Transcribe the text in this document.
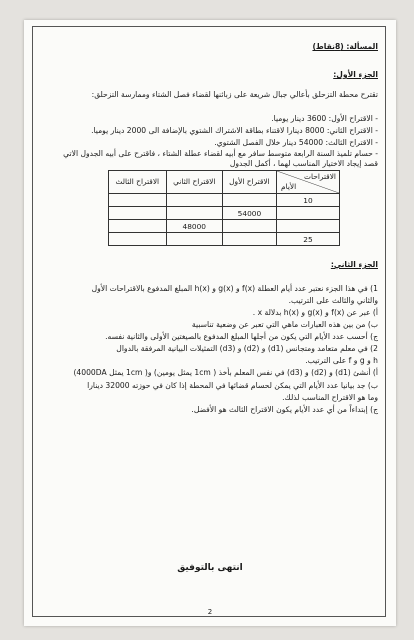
المسألة: (8نقاط)
الجزء الأول:
تقترح محطة التزحلق بأعالي جبال شريعة على زبائنها لقضاء فصل الشتاء وممارسة التزحلق:
- الاقتراح الأول: 3600 دينار يوميا.
- الاقتراح الثاني: 8000 دينارا لاقتناء بطاقة الاشتراك الشتوي بالإضافة الى 2000 دينار يوميا.
- الاقتراح الثالث: 54000 دينار خلال الفصل الشتوي.
- حسام تلميذ السنة الرابعة متوسط سافر مع أبيه لقضاء عطلة الشتاء ، فاقترح على أبيه الجدول الاتي
قصد إيجاد الاختيار المناسب لهما ، أكمل الجدول
الاقتراحات
الأيام	الاقتراح الأول	الاقتراح الثاني	الاقتراح الثالث
10			
	54000		
		48000	
25			
الجزء الثاني:
1) في هذا الجزء نعتبر عدد أيام العطلة f(x) و g(x) و h(x) المبلغ المدفوع بالاقتراحات الأول
والثاني والثالث على الترتيب.
أ) عبر عن f(x) و g(x) و h(x) بدلالة x .
ب) من بين هذه العبارات ماهي التي تعبر عن وضعية تناسبية
ج) أحسب عدد الأيام التي يكون من أجلها المبلغ المدفوع بالصيغتين الأولى والثانية نفسه.
2) في معلم متعامد ومتجانس (d1) و (d2) و (d3) التمثيلات البيانية المرفقة بالدوال
h و g و f على الترتيب.
أ) أنشئ (d1) و (d2) و (d3) في نفس المعلم بأخذ ( 1cm يمثل يومين) و( 1cm يمثل 4000DA)
ب) جد بيانيا عدد الأيام التي يمكن لحسام قضائها في المحطة إذا كان في حوزته 32000 دينارا
وما هو الاقتراح المناسب لذلك.
ج) إبتداءاً من أي عدد الأيام يكون الاقتراح الثالث هو الأفضل.
انتهى بالتوفيق
2
